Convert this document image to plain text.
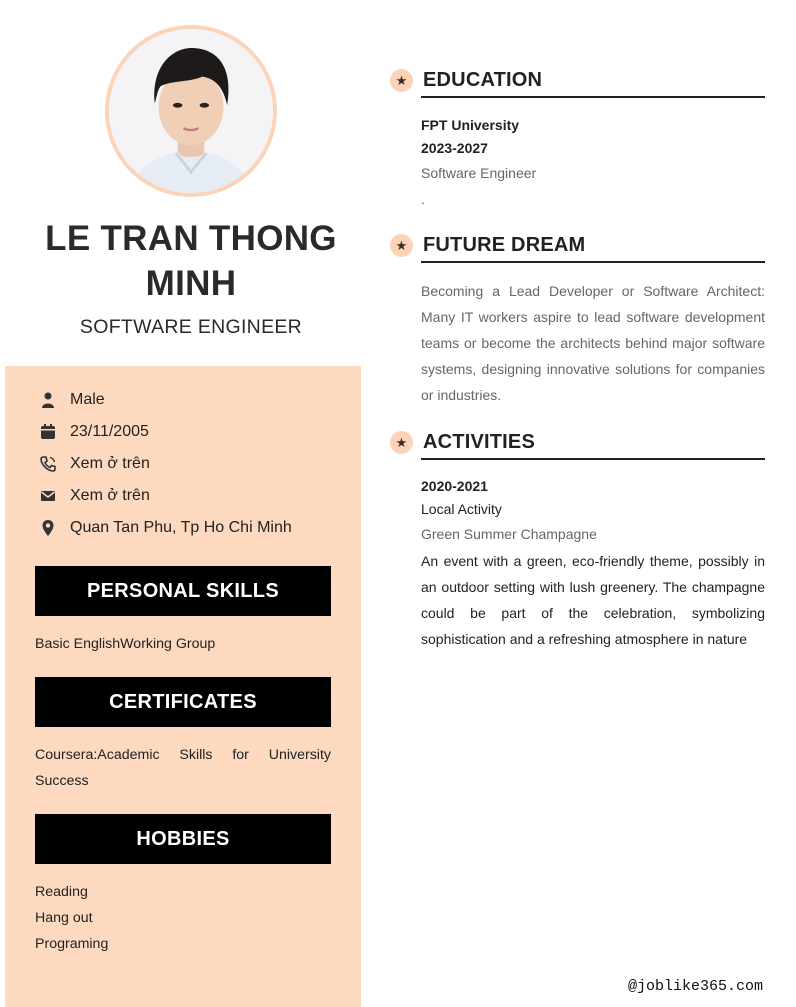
LE TRAN THONG MINH
SOFTWARE ENGINEER
Male
23/11/2005
Xem ở trên
Xem ở trên
Quan Tan Phu, Tp Ho Chi Minh
PERSONAL SKILLS
Basic EnglishWorking Group
CERTIFICATES
Coursera:Academic Skills for University Success
HOBBIES
Reading
Hang out
Programing
★ EDUCATION
FPT University
2023-2027
Software Engineer
.
★ FUTURE DREAM
Becoming a Lead Developer or Software Architect: Many IT workers aspire to lead software development teams or become the architects behind major software systems, designing innovative solutions for companies or industries.
★ ACTIVITIES
2020-2021
Local Activity
Green Summer Champagne
An event with a green, eco-friendly theme, possibly in an outdoor setting with lush greenery. The champagne could be part of the celebration, symbolizing sophistication and a refreshing atmosphere in nature
@joblike365.com
